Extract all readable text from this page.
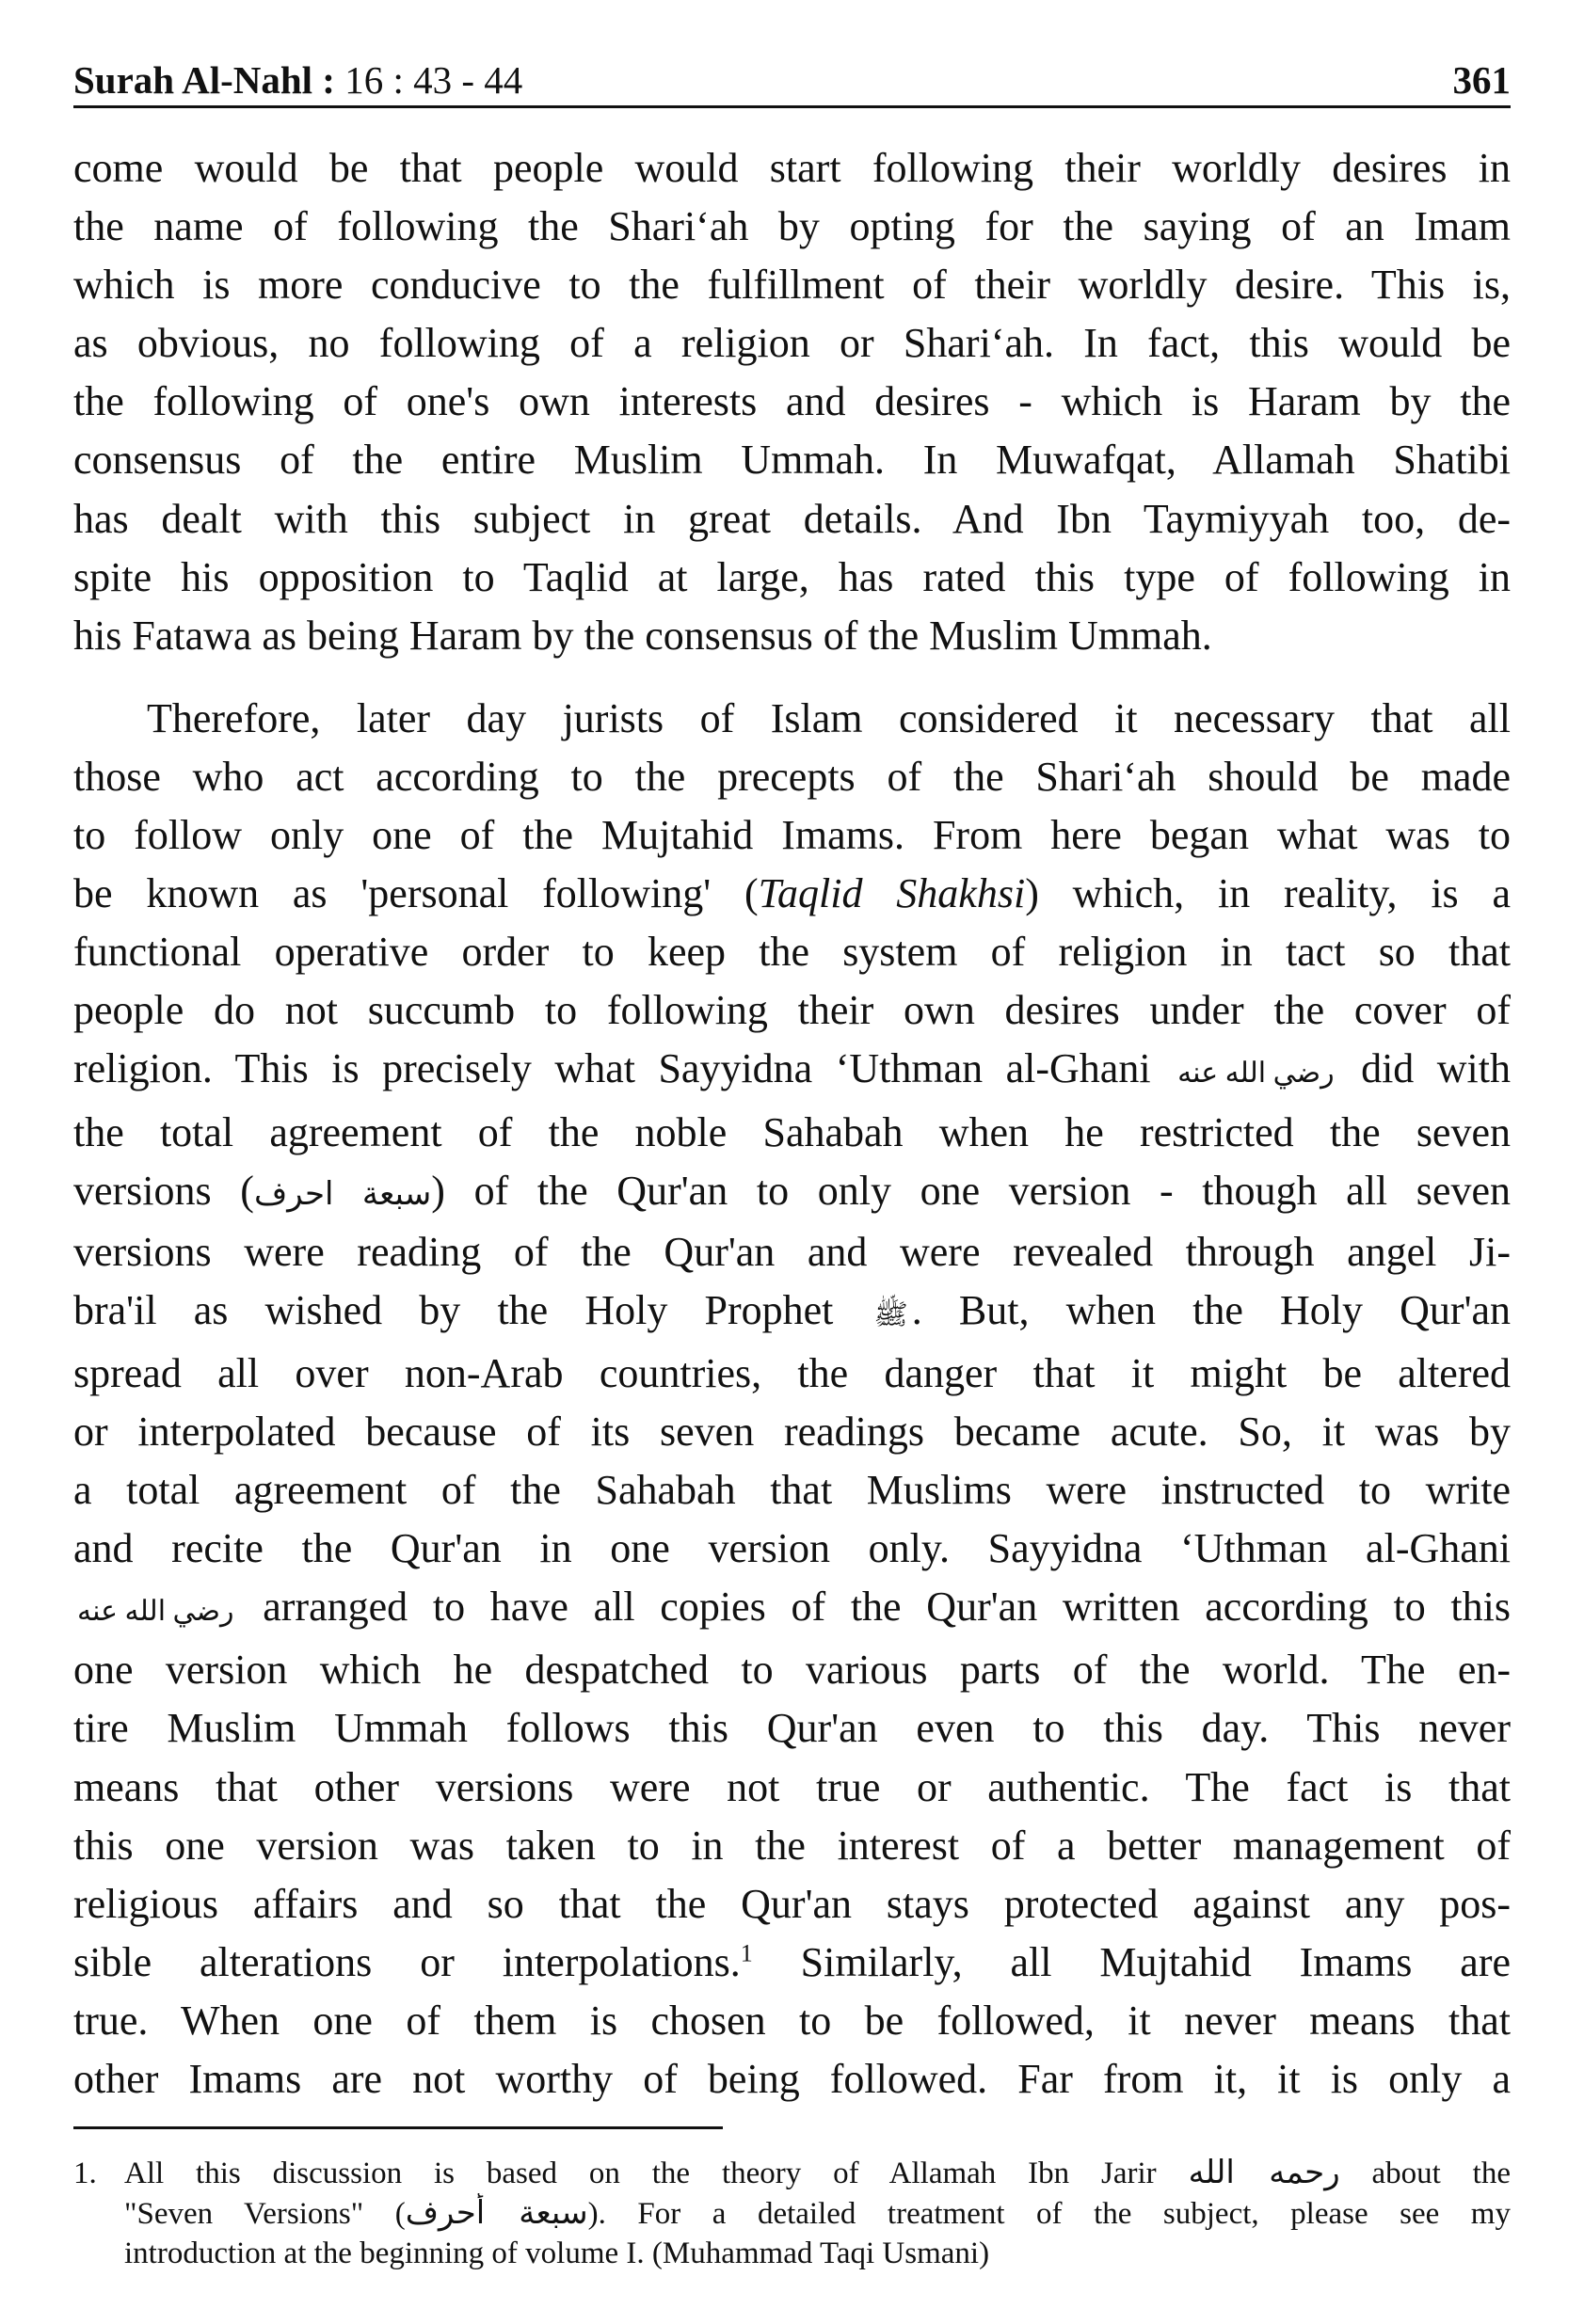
Surah Al-Nahl : 16 : 43 - 44	361

come would be that people would start following their worldly desires in
the name of following the Shari‘ah by opting for the saying of an Imam
which is more conducive to the fulfillment of their worldly desire. This is,
as obvious, no following of a religion or Shari‘ah. In fact, this would be
the following of one's own interests and desires - which is Haram by the
consensus of the entire Muslim Ummah. In Muwafqat, Allamah Shatibi
has dealt with this subject in great details. And Ibn Taymiyyah too, de-
spite his opposition to Taqlid at large, has rated this type of following in
his Fatawa as being Haram by the consensus of the Muslim Ummah.

Therefore, later day jurists of Islam considered it necessary that all
those who act according to the precepts of the Shari‘ah should be made
to follow only one of the Mujtahid Imams. From here began what was to
be known as 'personal following' (Taqlid Shakhsi) which, in reality, is a
functional operative order to keep the system of religion in tact so that
people do not succumb to following their own desires under the cover of
religion. This is precisely what Sayyidna ‘Uthman al-Ghani رضي الله عنه did with
the total agreement of the noble Sahabah when he restricted the seven
versions (سبعة احرف) of the Qur'an to only one version - though all seven
versions were reading of the Qur'an and were revealed through angel Ji-
bra'il as wished by the Holy Prophet ﷺ. But, when the Holy Qur'an
spread all over non-Arab countries, the danger that it might be altered
or interpolated because of its seven readings became acute. So, it was by
a total agreement of the Sahabah that Muslims were instructed to write
and recite the Qur'an in one version only. Sayyidna ‘Uthman al-Ghani
رضي الله عنه arranged to have all copies of the Qur'an written according to this
one version which he despatched to various parts of the world. The en-
tire Muslim Ummah follows this Qur'an even to this day. This never
means that other versions were not true or authentic. The fact is that
this one version was taken to in the interest of a better management of
religious affairs and so that the Qur'an stays protected against any pos-
sible alterations or interpolations.$^1$ Similarly, all Mujtahid Imams are
true. When one of them is chosen to be followed, it never means that
other Imams are not worthy of being followed. Far from it, it is only a

1. All this discussion is based on the theory of Allamah Ibn Jarir رحمه الله about the
"Seven Versions" (سبعة أحرف). For a detailed treatment of the subject, please see my
introduction at the beginning of volume I. (Muhammad Taqi Usmani)
